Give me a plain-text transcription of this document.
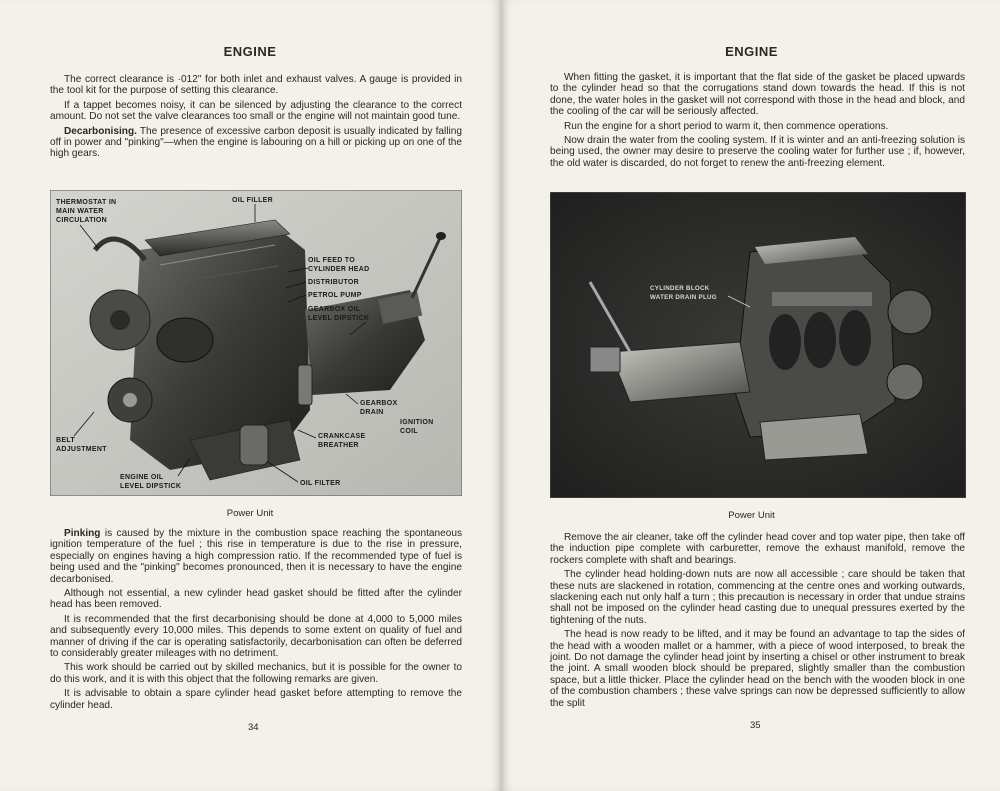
ENGINE

The correct clearance is ·012" for both inlet and exhaust valves. A gauge is provided in the tool kit for the purpose of setting this clearance.

If a tappet becomes noisy, it can be silenced by adjusting the clearance to the correct amount. Do not set the valve clearances too small or the engine will not maintain good tune.

Decarbonising. The presence of excessive carbon deposit is usually indicated by falling off in power and "pinking"—when the engine is labouring on a hill or picking up on one of the high gears.

THERMOSTAT IN
MAIN WATER
CIRCULATION
OIL FILLER
OIL FEED TO
CYLINDER HEAD
DISTRIBUTOR
PETROL PUMP
GEARBOX OIL
LEVEL DIPSTICK
GEARBOX
DRAIN
IGNITION
COIL
CRANKCASE
BREATHER
BELT
ADJUSTMENT
ENGINE OIL
LEVEL DIPSTICK	OIL FILTER
Power Unit

Pinking is caused by the mixture in the combustion space reaching the spontaneous ignition temperature of the fuel ; this rise in temperature is due to the rise in pressure, especially on engines having a high compression ratio. If the recommended type of fuel is being used and the "pinking" becomes pronounced, then it is necessary to have the engine decarbonised.

Although not essential, a new cylinder head gasket should be fitted after the cylinder head has been removed.

It is recommended that the first decarbonising should be done at 4,000 to 5,000 miles and subsequently every 10,000 miles. This depends to some extent on quality of fuel and manner of driving if the car is operating satisfactorily, decarbonisation can often be deferred to considerably greater mileages with no detriment.

This work should be carried out by skilled mechanics, but it is possible for the owner to do this work, and it is with this object that the following remarks are given.

It is advisable to obtain a spare cylinder head gasket before attempting to remove the cylinder head.

34
ENGINE

When fitting the gasket, it is important that the flat side of the gasket be placed upwards to the cylinder head so that the corrugations stand down towards the head. If this is not done, the water holes in the gasket will not correspond with those in the head and block, and the cooling of the car will be seriously affected.

Run the engine for a short period to warm it, then commence operations.

Now drain the water from the cooling system. If it is winter and an anti-freezing solution is being used, the owner may desire to preserve the cooling water for further use ; if, however, the old water is discarded, do not forget to renew the anti-freezing element.

CYLINDER BLOCK
WATER DRAIN PLUG
Power Unit

Remove the air cleaner, take off the cylinder head cover and top water pipe, then take off the induction pipe complete with carburetter, remove the exhaust manifold, remove the rockers complete with shaft and bearings.

The cylinder head holding-down nuts are now all accessible ; care should be taken that these nuts are slackened in rotation, commencing at the centre ones and working outwards, slackening each nut only half a turn ; this precaution is necessary in order that undue strains shall not be imposed on the cylinder head casting due to unequal pressures exerted by the tightening of the nuts.

The head is now ready to be lifted, and it may be found an advantage to tap the sides of the head with a wooden mallet or a hammer, with a piece of wood interposed, to break the joint. Do not damage the cylinder head joint by inserting a chisel or other instrument to break the joint. A small wooden block should be prepared, slightly smaller than the combustion space, but a little thicker. Place the cylinder head on the bench with the wooden block in one of the combustion chambers ; these valve springs can now be depressed sufficiently to allow the split

35
